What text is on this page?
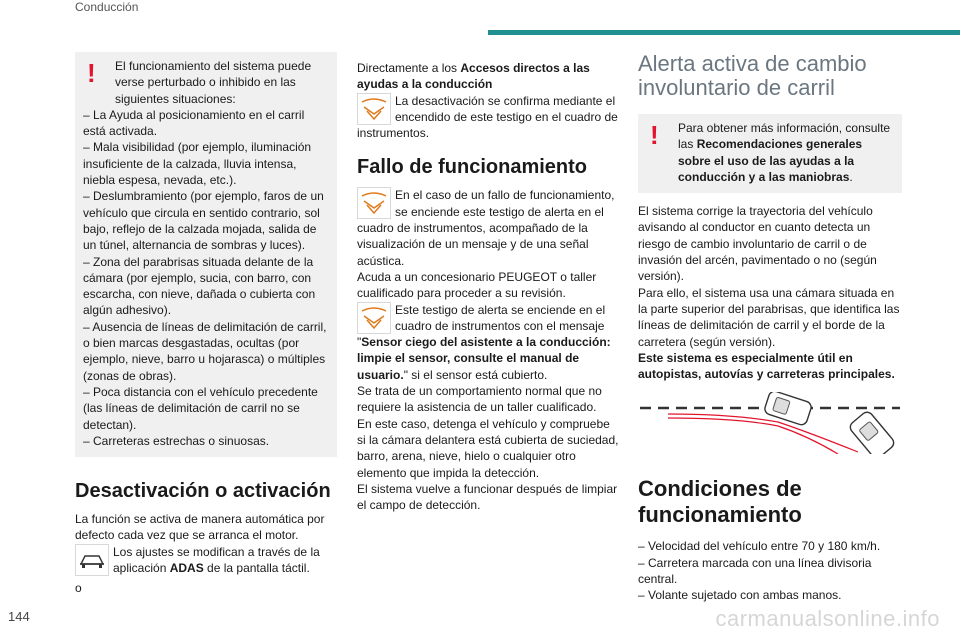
Conducción
!	El funcionamiento del sistema puede verse perturbado o inhibido en las siguientes situaciones:

– La Ayuda al posicionamiento en el carril está activada.

– Mala visibilidad (por ejemplo, iluminación insuficiente de la calzada, lluvia intensa, niebla espesa, nevada, etc.).

– Deslumbramiento (por ejemplo, faros de un vehículo que circula en sentido contrario, sol bajo, reflejo de la calzada mojada, salida de un túnel, alternancia de sombras y luces).

– Zona del parabrisas situada delante de la cámara (por ejemplo, sucia, con barro, con escarcha, con nieve, dañada o cubierta con algún adhesivo).

– Ausencia de líneas de delimitación de carril, o bien marcas desgastadas, ocultas (por ejemplo, nieve, barro u hojarasca) o múltiples (zonas de obras).

– Poca distancia con el vehículo precedente (las líneas de delimitación de carril no se detectan).

– Carreteras estrechas o sinuosas.

Desactivación o activación

La función se activa de manera automática por defecto cada vez que se arranca el motor.

Los ajustes se modifican a través de la aplicación ADAS de la pantalla táctil.

o

Directamente a los Accesos directos a las ayudas a la conducción

La desactivación se confirma mediante el encendido de este testigo en el cuadro de instrumentos.

Fallo de funcionamiento

En el caso de un fallo de funcionamiento, se enciende este testigo de alerta en el cuadro de instrumentos, acompañado de la visualización de un mensaje y de una señal acústica.

Acuda a un concesionario PEUGEOT o taller cualificado para proceder a su revisión.

Este testigo de alerta se enciende en el cuadro de instrumentos con el mensaje "Sensor ciego del asistente a la conducción: limpie el sensor, consulte el manual de usuario." si el sensor está cubierto.

Se trata de un comportamiento normal que no requiere la asistencia de un taller cualificado.

En este caso, detenga el vehículo y compruebe si la cámara delantera está cubierta de suciedad, barro, arena, nieve, hielo o cualquier otro elemento que impida la detección.

El sistema vuelve a funcionar después de limpiar el campo de detección.

Alerta activa de cambio involuntario de carril
!	Para obtener más información, consulte las Recomendaciones generales sobre el uso de las ayudas a la conducción y a las maniobras.

El sistema corrige la trayectoria del vehículo avisando al conductor en cuanto detecta un riesgo de cambio involuntario de carril o de invasión del arcén, pavimentado o no (según versión).

Para ello, el sistema usa una cámara situada en la parte superior del parabrisas, que identifica las líneas de delimitación de carril y el borde de la carretera (según versión).

Este sistema es especialmente útil en autopistas, autovías y carreteras principales.

Condiciones de funcionamiento

– Velocidad del vehículo entre 70 y 180 km/h.

– Carretera marcada con una línea divisoria central.

– Volante sujetado con ambas manos.

144	carmanualsonline.info
